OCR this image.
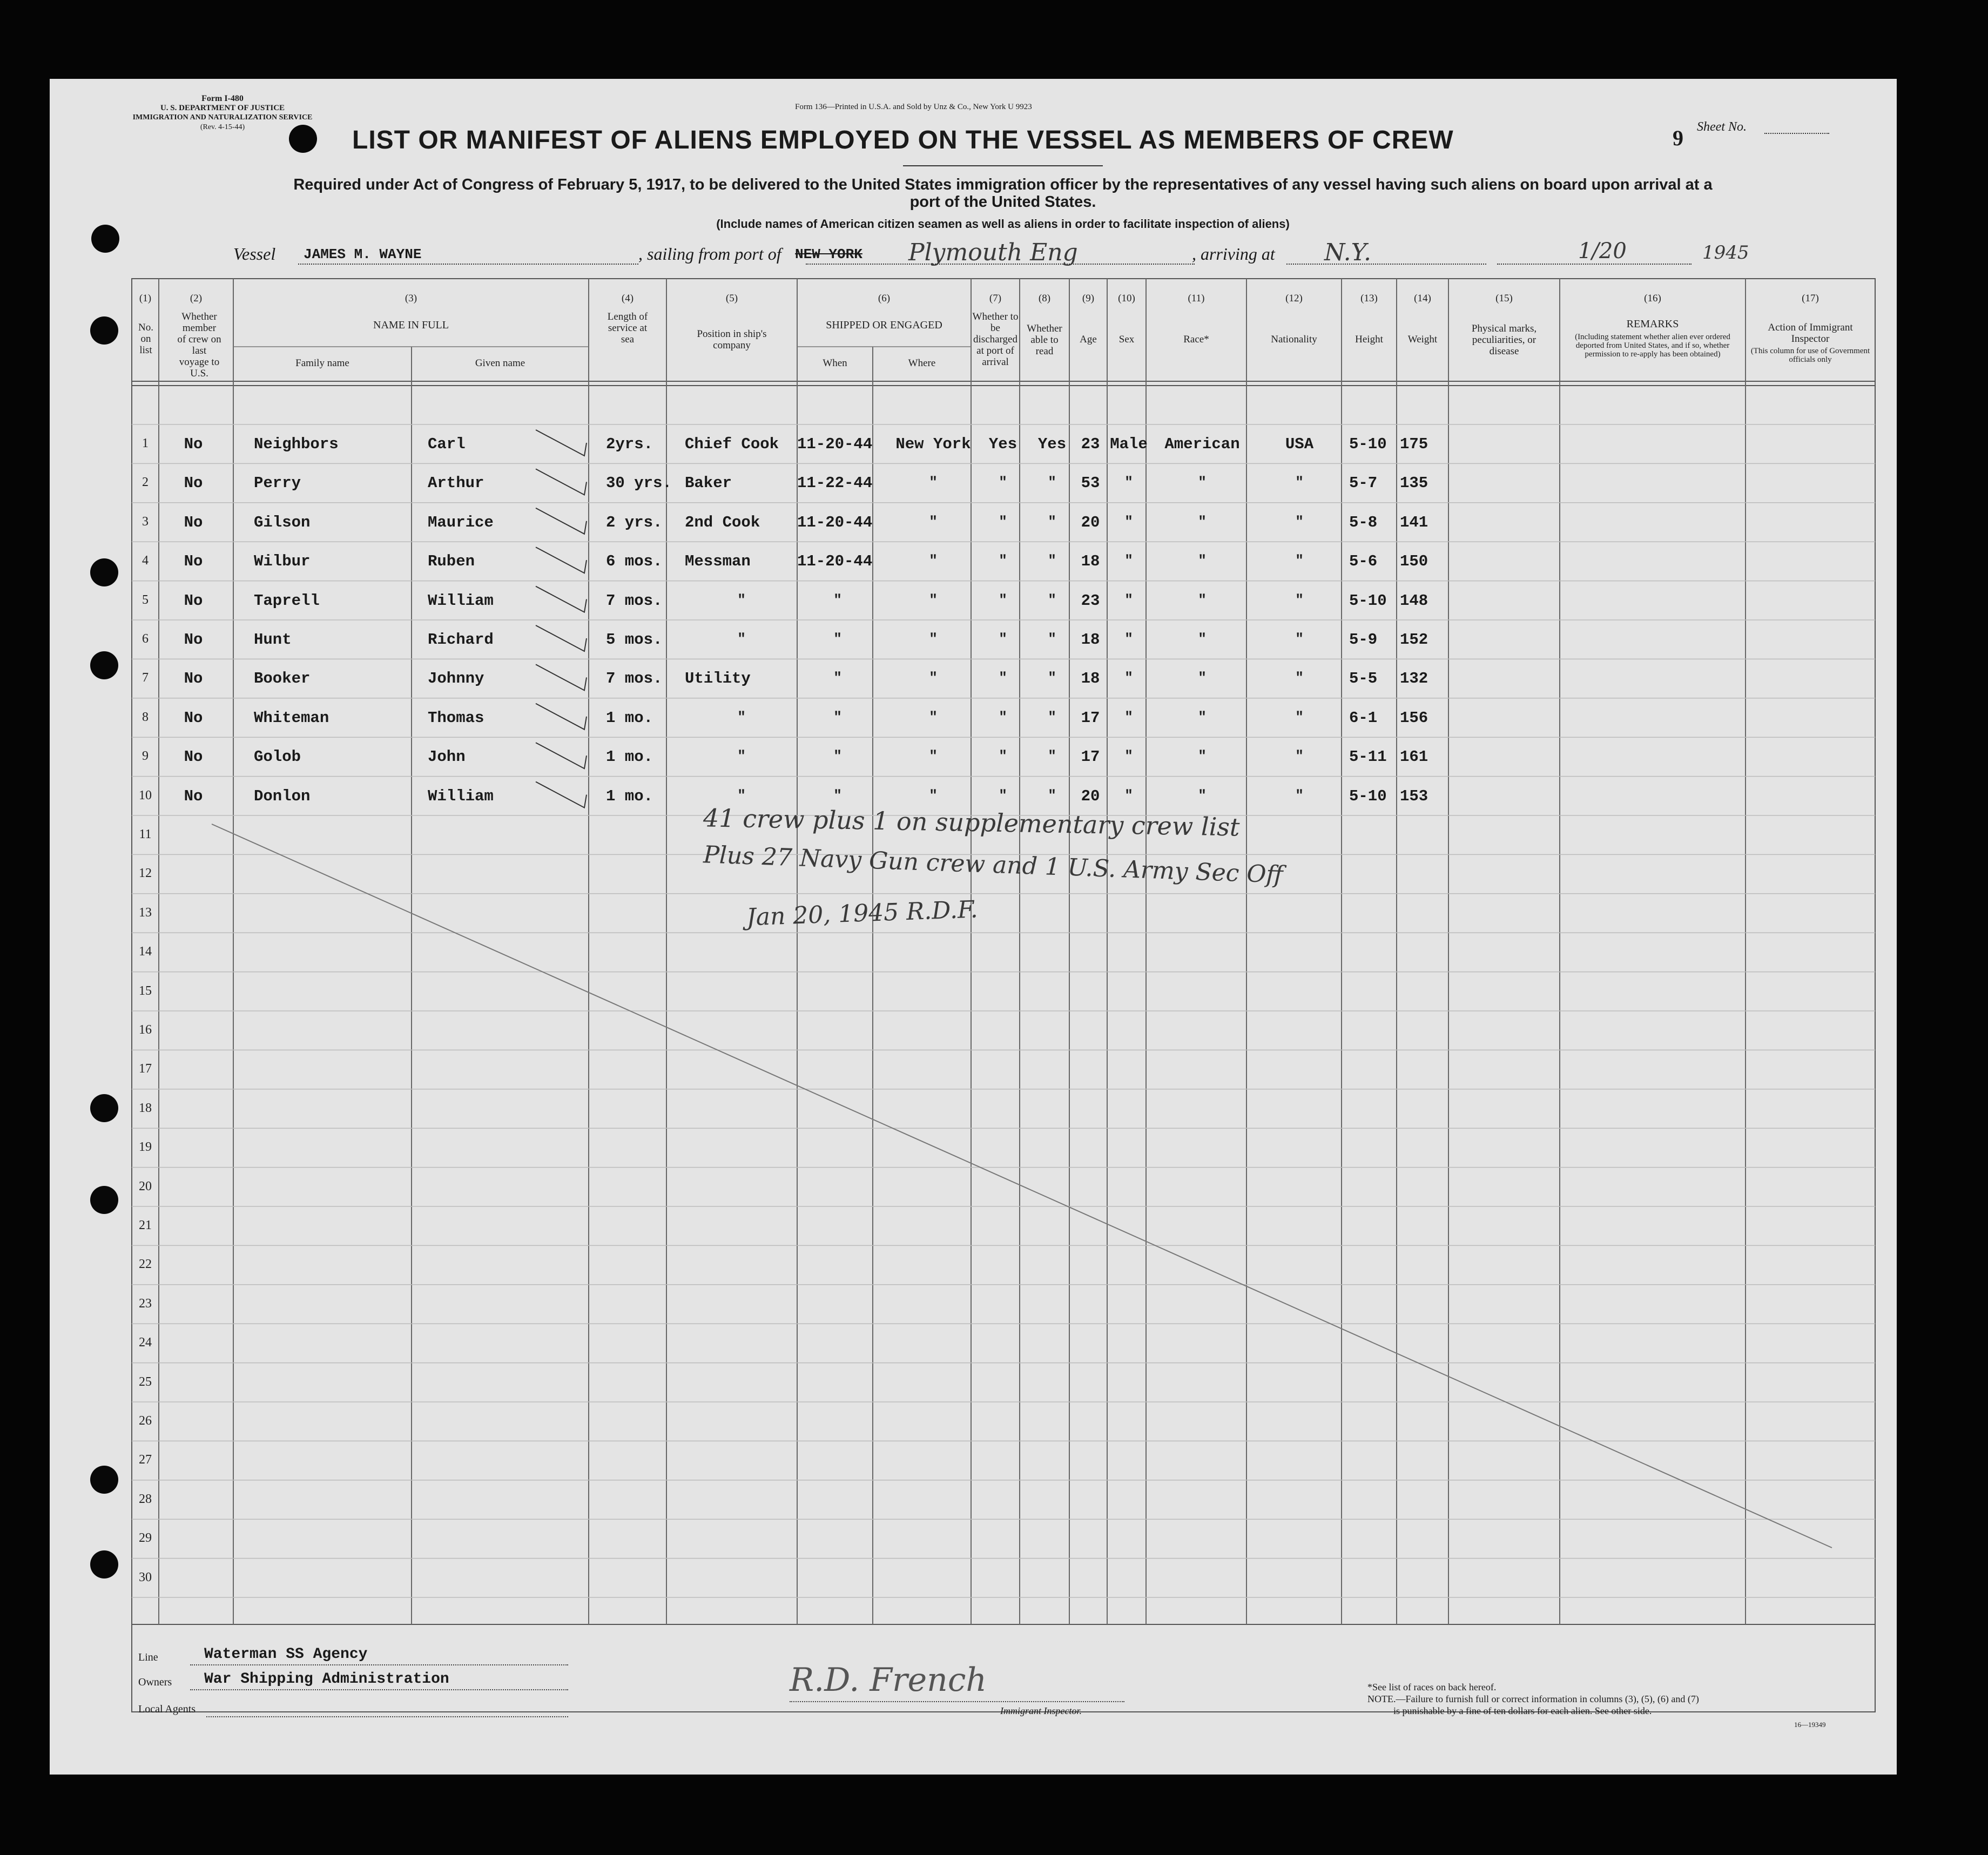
Form I-480
U. S. DEPARTMENT OF JUSTICE
IMMIGRATION AND NATURALIZATION SERVICE
(Rev. 4-15-44)
Form 136—Printed in U.S.A. and Sold by Unz & Co., New York U 9923
LIST OR MANIFEST OF ALIENS EMPLOYED ON THE VESSEL AS MEMBERS OF CREW	9 Sheet No.
Required under Act of Congress of February 5, 1917, to be delivered to the United States immigration officer by the representatives of any vessel having such aliens on board upon arrival at a
port of the United States.
(Include names of American citizen seamen as well as aliens in order to facilitate inspection of aliens)
Vessel JAMES M. WAYNE	, sailing from port of NEW YORK Plymouth Eng	, arriving at N.Y.	1/20	1945
(1)
No. on list
(2)
Whether member of crew on last voyage to U.S.
(3)
NAME IN FULL
Family name	Given name
(4)
Length of service at sea
(5)
Position in ship's company
(6)
SHIPPED OR ENGAGED
When	Where
(7)
Whether to be discharged at port of arrival
(8)
Whether able to read
(9)
Age
(10)
Sex
(11)
Race*
(12)
Nationality
(13)
Height
(14)
Weight
(15)
Physical marks, peculiarities, or disease
(16)
REMARKS
(Including statement whether alien ever ordered deported from United States, and if so, whether permission to re-apply has been obtained)
(17)
Action of Immigrant Inspector
(This column for use of Government officials only
1	No	Neighbors	Carl	2yrs.	Chief Cook	11-20-44	New York	Yes	Yes 23 Male	American	USA	5-10 175
2	No	Perry	Arthur	30 yrs. Baker	11-22-44	"	"	"	53	"	"	"	5-7	135
3	No	Gilson	Maurice	2 yrs.	2nd Cook	11-20-44	"	"	"	20	"	"	"	5-8	141
4	No	Wilbur	Ruben	6 mos.	Messman	11-20-44	"	"	"	18	"	"	"	5-6	150
5	No	Taprell	William	7 mos.	"	"	"	"	"	23	"	"	"	5-10 148
6	No	Hunt	Richard	5 mos.	"	"	"	"	"	18	"	"	"	5-9	152
7	No	Booker	Johnny	7 mos.	Utility	"	"	"	"	18	"	"	"	5-5	132
8	No	Whiteman	Thomas	1 mo.	"	"	"	"	"	17	"	"	"	6-1	156
9	No	Golob	John	1 mo.	"	"	"	"	"	17	"	"	"	5-11 161
10	No	Donlon	William	1 mo.	"	"	"	"	"	20	"	"	"	5-10 153
11
12
13
14
15
16
17
18
19
20
21
22
23
24
25
26
27
28
29
30
41 crew plus 1 on supplementary crew list
Plus 27 Navy Gun crew and 1 U.S. Army Sec Off
Jan 20, 1945 R.D.F.
Line	Waterman SS Agency
Owners War Shipping Administration
Local Agents
R.D. French
Immigrant Inspector.
*See list of races on back hereof.
NOTE.—Failure to furnish full or correct information in columns (3), (5), (6) and (7)
is punishable by a fine of ten dollars for each alien. See other side.
16—19349
